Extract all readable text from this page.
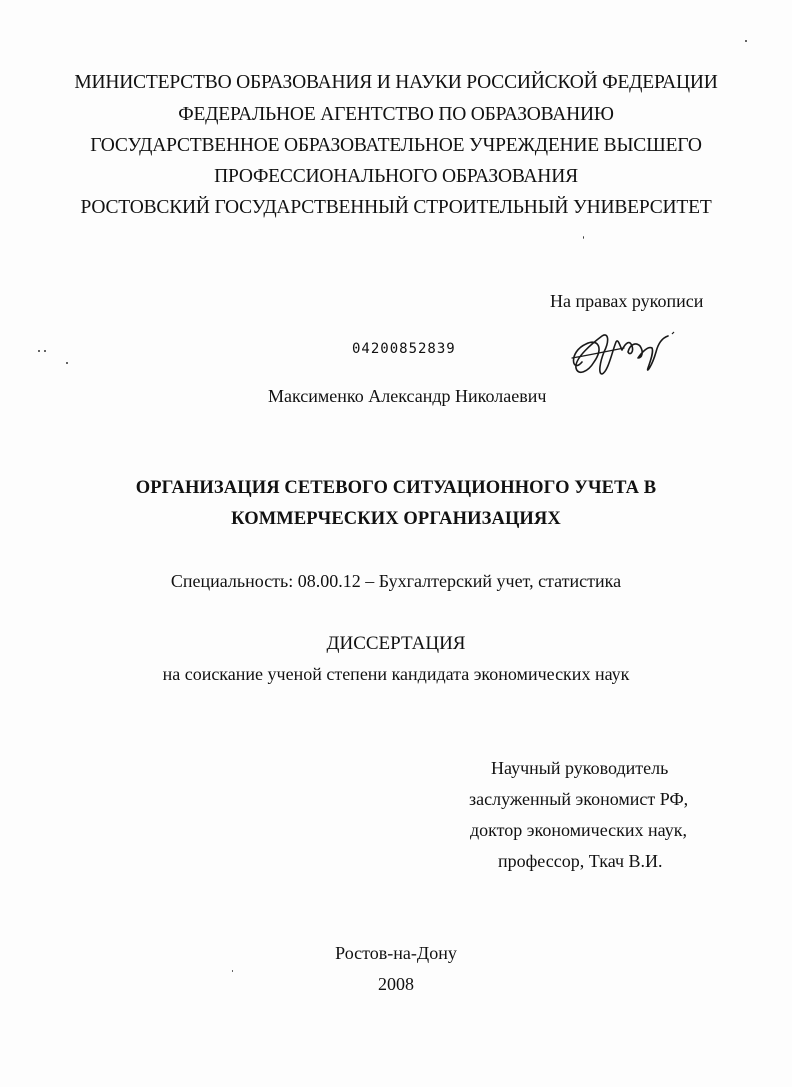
МИНИСТЕРСТВО ОБРАЗОВАНИЯ И НАУКИ РОССИЙСКОЙ ФЕДЕРАЦИИ
ФЕДЕРАЛЬНОЕ АГЕНТСТВО ПО ОБРАЗОВАНИЮ
ГОСУДАРСТВЕННОЕ ОБРАЗОВАТЕЛЬНОЕ УЧРЕЖДЕНИЕ ВЫСШЕГО
ПРОФЕССИОНАЛЬНОГО ОБРАЗОВАНИЯ
РОСТОВСКИЙ ГОСУДАРСТВЕННЫЙ СТРОИТЕЛЬНЫЙ УНИВЕРСИТЕТ
На правах рукописи
04200852839
Максименко Александр Николаевич
ОРГАНИЗАЦИЯ СЕТЕВОГО СИТУАЦИОННОГО УЧЕТА В
КОММЕРЧЕСКИХ ОРГАНИЗАЦИЯХ
Специальность: 08.00.12 – Бухгалтерский учет, статистика
ДИССЕРТАЦИЯ
на соискание ученой степени кандидата экономических наук
Научный руководитель
заслуженный экономист РФ,
доктор экономических наук,
профессор, Ткач В.И.
Ростов-на-Дону
2008
